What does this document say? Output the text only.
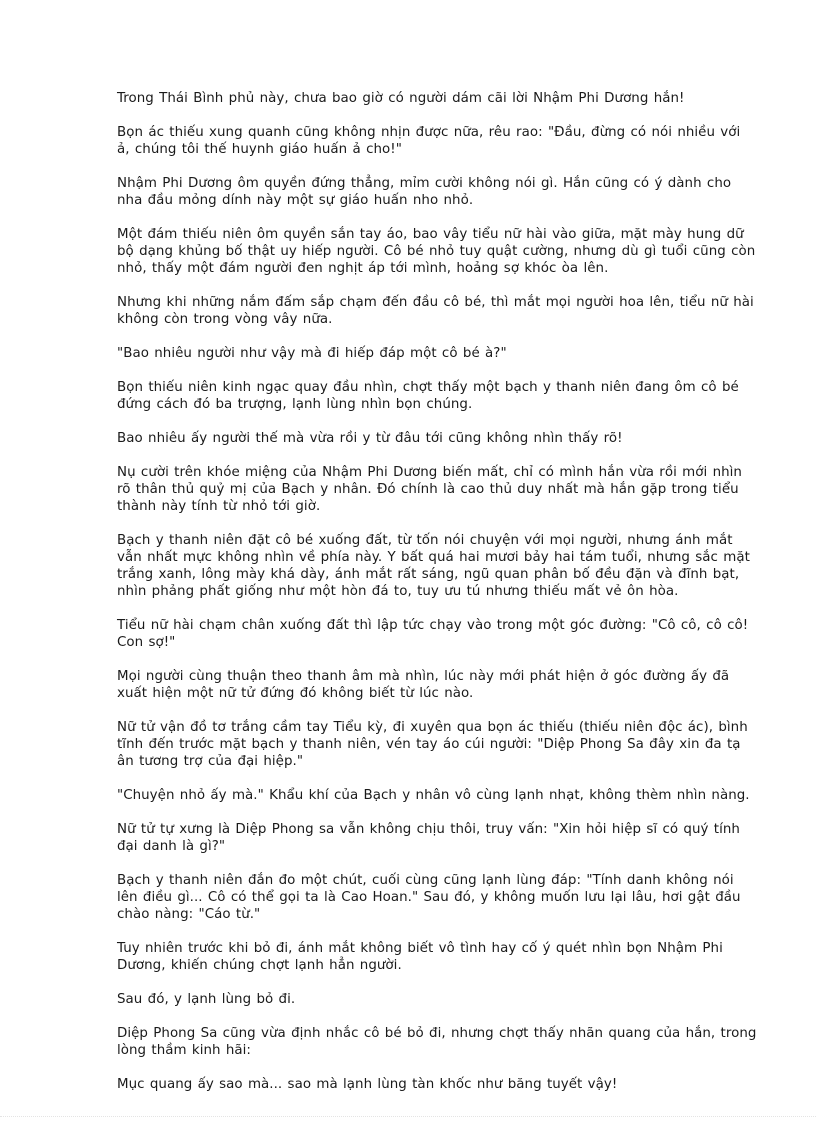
Trong Thái Bình phủ này, chưa bao giờ có người dám cãi lời Nhậm Phi Dương hắn!

Bọn ác thiếu xung quanh cũng không nhịn được nữa, rêu rao: "Đầu, đừng có nói nhiều với ả, chúng tôi thế huynh giáo huấn ả cho!"

Nhậm Phi Dương ôm quyền đứng thẳng, mỉm cười không nói gì. Hắn cũng có ý dành cho nha đầu mỏng dính này một sự giáo huấn nho nhỏ.

Một đám thiếu niên ôm quyền sắn tay áo, bao vây tiểu nữ hài vào giữa, mặt mày hung dữ bộ dạng khủng bố thật uy hiếp người. Cô bé nhỏ tuy quật cường, nhưng dù gì tuổi cũng còn nhỏ, thấy một đám người đen nghịt áp tới mình, hoảng sợ khóc òa lên.

Nhưng khi những nắm đấm sắp chạm đến đầu cô bé, thì mắt mọi người hoa lên, tiểu nữ hài không còn trong vòng vây nữa.

"Bao nhiêu người như vậy mà đi hiếp đáp một cô bé à?"

Bọn thiếu niên kinh ngạc quay đầu nhìn, chợt thấy một bạch y thanh niên đang ôm cô bé đứng cách đó ba trượng, lạnh lùng nhìn bọn chúng.

Bao nhiêu ấy người thế mà vừa rồi y từ đâu tới cũng không nhìn thấy rõ!

Nụ cười trên khóe miệng của Nhậm Phi Dương biến mất, chỉ có mình hắn vừa rồi mới nhìn rõ thân thủ quỷ mị của Bạch y nhân. Đó chính là cao thủ duy nhất mà hắn gặp trong tiểu thành này tính từ nhỏ tới giờ.

Bạch y thanh niên đặt cô bé xuống đất, từ tốn nói chuyện với mọi người, nhưng ánh mắt vẫn nhất mực không nhìn về phía này. Y bất quá hai mươi bảy hai tám tuổi, nhưng sắc mặt trắng xanh, lông mày khá dày, ánh mắt rất sáng, ngũ quan phân bố đều đặn và đĩnh bạt, nhìn phảng phất giống như một hòn đá to, tuy ưu tú nhưng thiếu mất vẻ ôn hòa.

Tiểu nữ hài chạm chân xuống đất thì lập tức chạy vào trong một góc đường: "Cô cô, cô cô! Con sợ!"

Mọi người cùng thuận theo thanh âm mà nhìn, lúc này mới phát hiện ở góc đường ấy đã xuất hiện một nữ tử đứng đó không biết từ lúc nào.

Nữ tử vận đồ tơ trắng cầm tay Tiểu kỳ, đi xuyên qua bọn ác thiếu (thiếu niên độc ác), bình tĩnh đến trước mặt bạch y thanh niên, vén tay áo cúi người: "Diệp Phong Sa đây xin đa tạ ân tương trợ của đại hiệp."

"Chuyện nhỏ ấy mà." Khẩu khí của Bạch y nhân vô cùng lạnh nhạt, không thèm nhìn nàng.

Nữ tử tự xưng là Diệp Phong sa vẫn không chịu thôi, truy vấn: "Xin hỏi hiệp sĩ có quý tính đại danh là gì?"

Bạch y thanh niên đắn đo một chút, cuối cùng cũng lạnh lùng đáp: "Tính danh không nói lên điều gì... Cô có thể gọi ta là Cao Hoan." Sau đó, y không muốn lưu lại lâu, hơi gật đầu chào nàng: "Cáo từ."

Tuy nhiên trước khi bỏ đi, ánh mắt không biết vô tình hay cố ý quét nhìn bọn Nhậm Phi Dương, khiến chúng chợt lạnh hẳn người.

Sau đó, y lạnh lùng bỏ đi.

Diệp Phong Sa cũng vừa định nhắc cô bé bỏ đi, nhưng chợt thấy nhãn quang của hắn, trong lòng thầm kinh hãi:

Mục quang ấy sao mà... sao mà lạnh lùng tàn khốc như băng tuyết vậy!
